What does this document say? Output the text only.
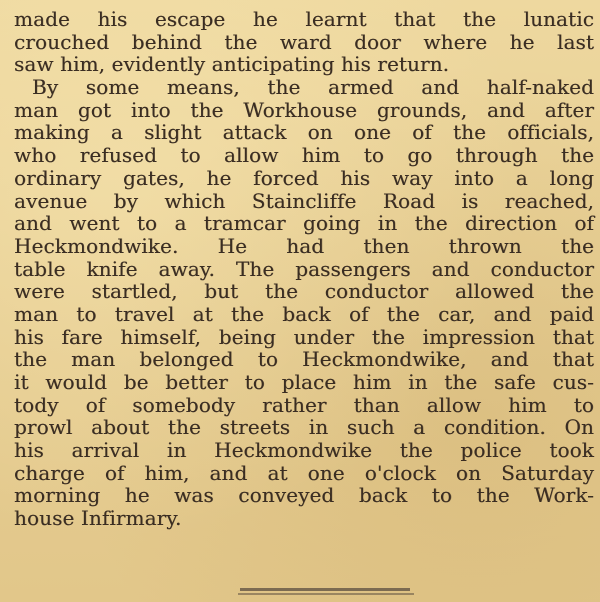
made his escape he learnt that the lunatic
crouched behind the ward door where he last
saw him, evidently anticipating his return.
By some means, the armed and half-naked
man got into the Workhouse grounds, and after
making a slight attack on one of the officials,
who refused to allow him to go through the
ordinary gates, he forced his way into a long
avenue by which Staincliffe Road is reached,
and went to a tramcar going in the direction of
Heckmondwike. He had then thrown the
table knife away. The passengers and conductor
were startled, but the conductor allowed the
man to travel at the back of the car, and paid
his fare himself, being under the impression that
the man belonged to Heckmondwike, and that
it would be better to place him in the safe cus-
tody of somebody rather than allow him to
prowl about the streets in such a condition. On
his arrival in Heckmondwike the police took
charge of him, and at one o'clock on Saturday
morning he was conveyed back to the Work-
house Infirmary.
